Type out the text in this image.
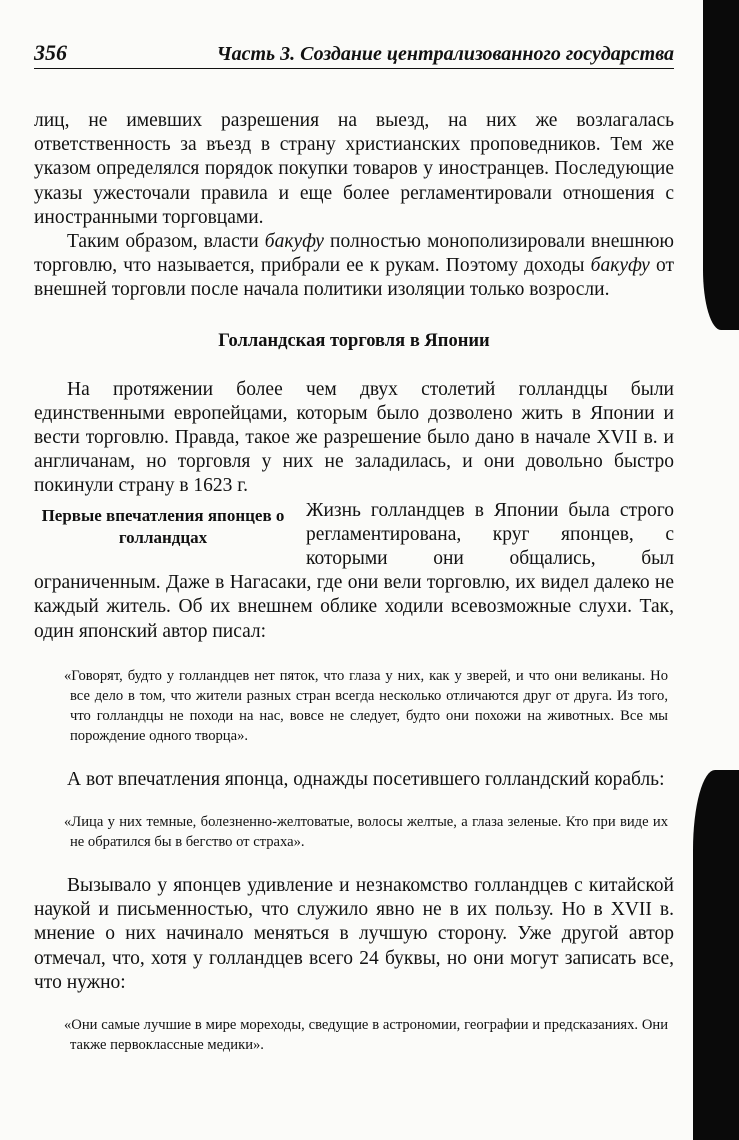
356	Часть 3. Создание централизованного государства

лиц, не имевших разрешения на выезд, на них же возлагалась ответственность за въезд в страну христианских проповедников. Тем же указом определялся порядок покупки товаров у иностранцев. Последующие указы ужесточали правила и еще более регламентировали отношения с иностранными торговцами.

Таким образом, власти бакуфу полностью монополизировали внешнюю торговлю, что называется, прибрали ее к рукам. Поэтому доходы бакуфу от внешней торговли после начала политики изоляции только возросли.

Голландская торговля в Японии

На протяжении более чем двух столетий голландцы были единственными европейцами, которым было дозволено жить в Японии и вести торговлю. Правда, такое же разрешение было дано в начале XVII в. и англичанам, но торговля у них не заладилась, и они довольно быстро покинули страну в 1623 г.

Первые впечатления японцев о голландцах

Жизнь голландцев в Японии была строго регламентирована, круг японцев, с которыми они общались, был ограниченным. Даже в Нагасаки, где они вели торговлю, их видел далеко не каждый житель. Об их внешнем облике ходили всевозможные слухи. Так, один японский автор писал:

«Говорят, будто у голландцев нет пяток, что глаза у них, как у зверей, и что они великаны. Но все дело в том, что жители разных стран всегда несколько отличаются друг от друга. Из того, что голландцы не походи на нас, вовсе не следует, будто они похожи на животных. Все мы порождение одного творца».

А вот впечатления японца, однажды посетившего голландский корабль:

«Лица у них темные, болезненно-желтоватые, волосы желтые, а глаза зеленые. Кто при виде их не обратился бы в бегство от страха».

Вызывало у японцев удивление и незнакомство голландцев с китайской наукой и письменностью, что служило явно не в их пользу. Но в XVII в. мнение о них начинало меняться в лучшую сторону. Уже другой автор отмечал, что, хотя у голландцев всего 24 буквы, но они могут записать все, что нужно:

«Они самые лучшие в мире мореходы, сведущие в астрономии, географии и предсказаниях. Они также первоклассные медики».
